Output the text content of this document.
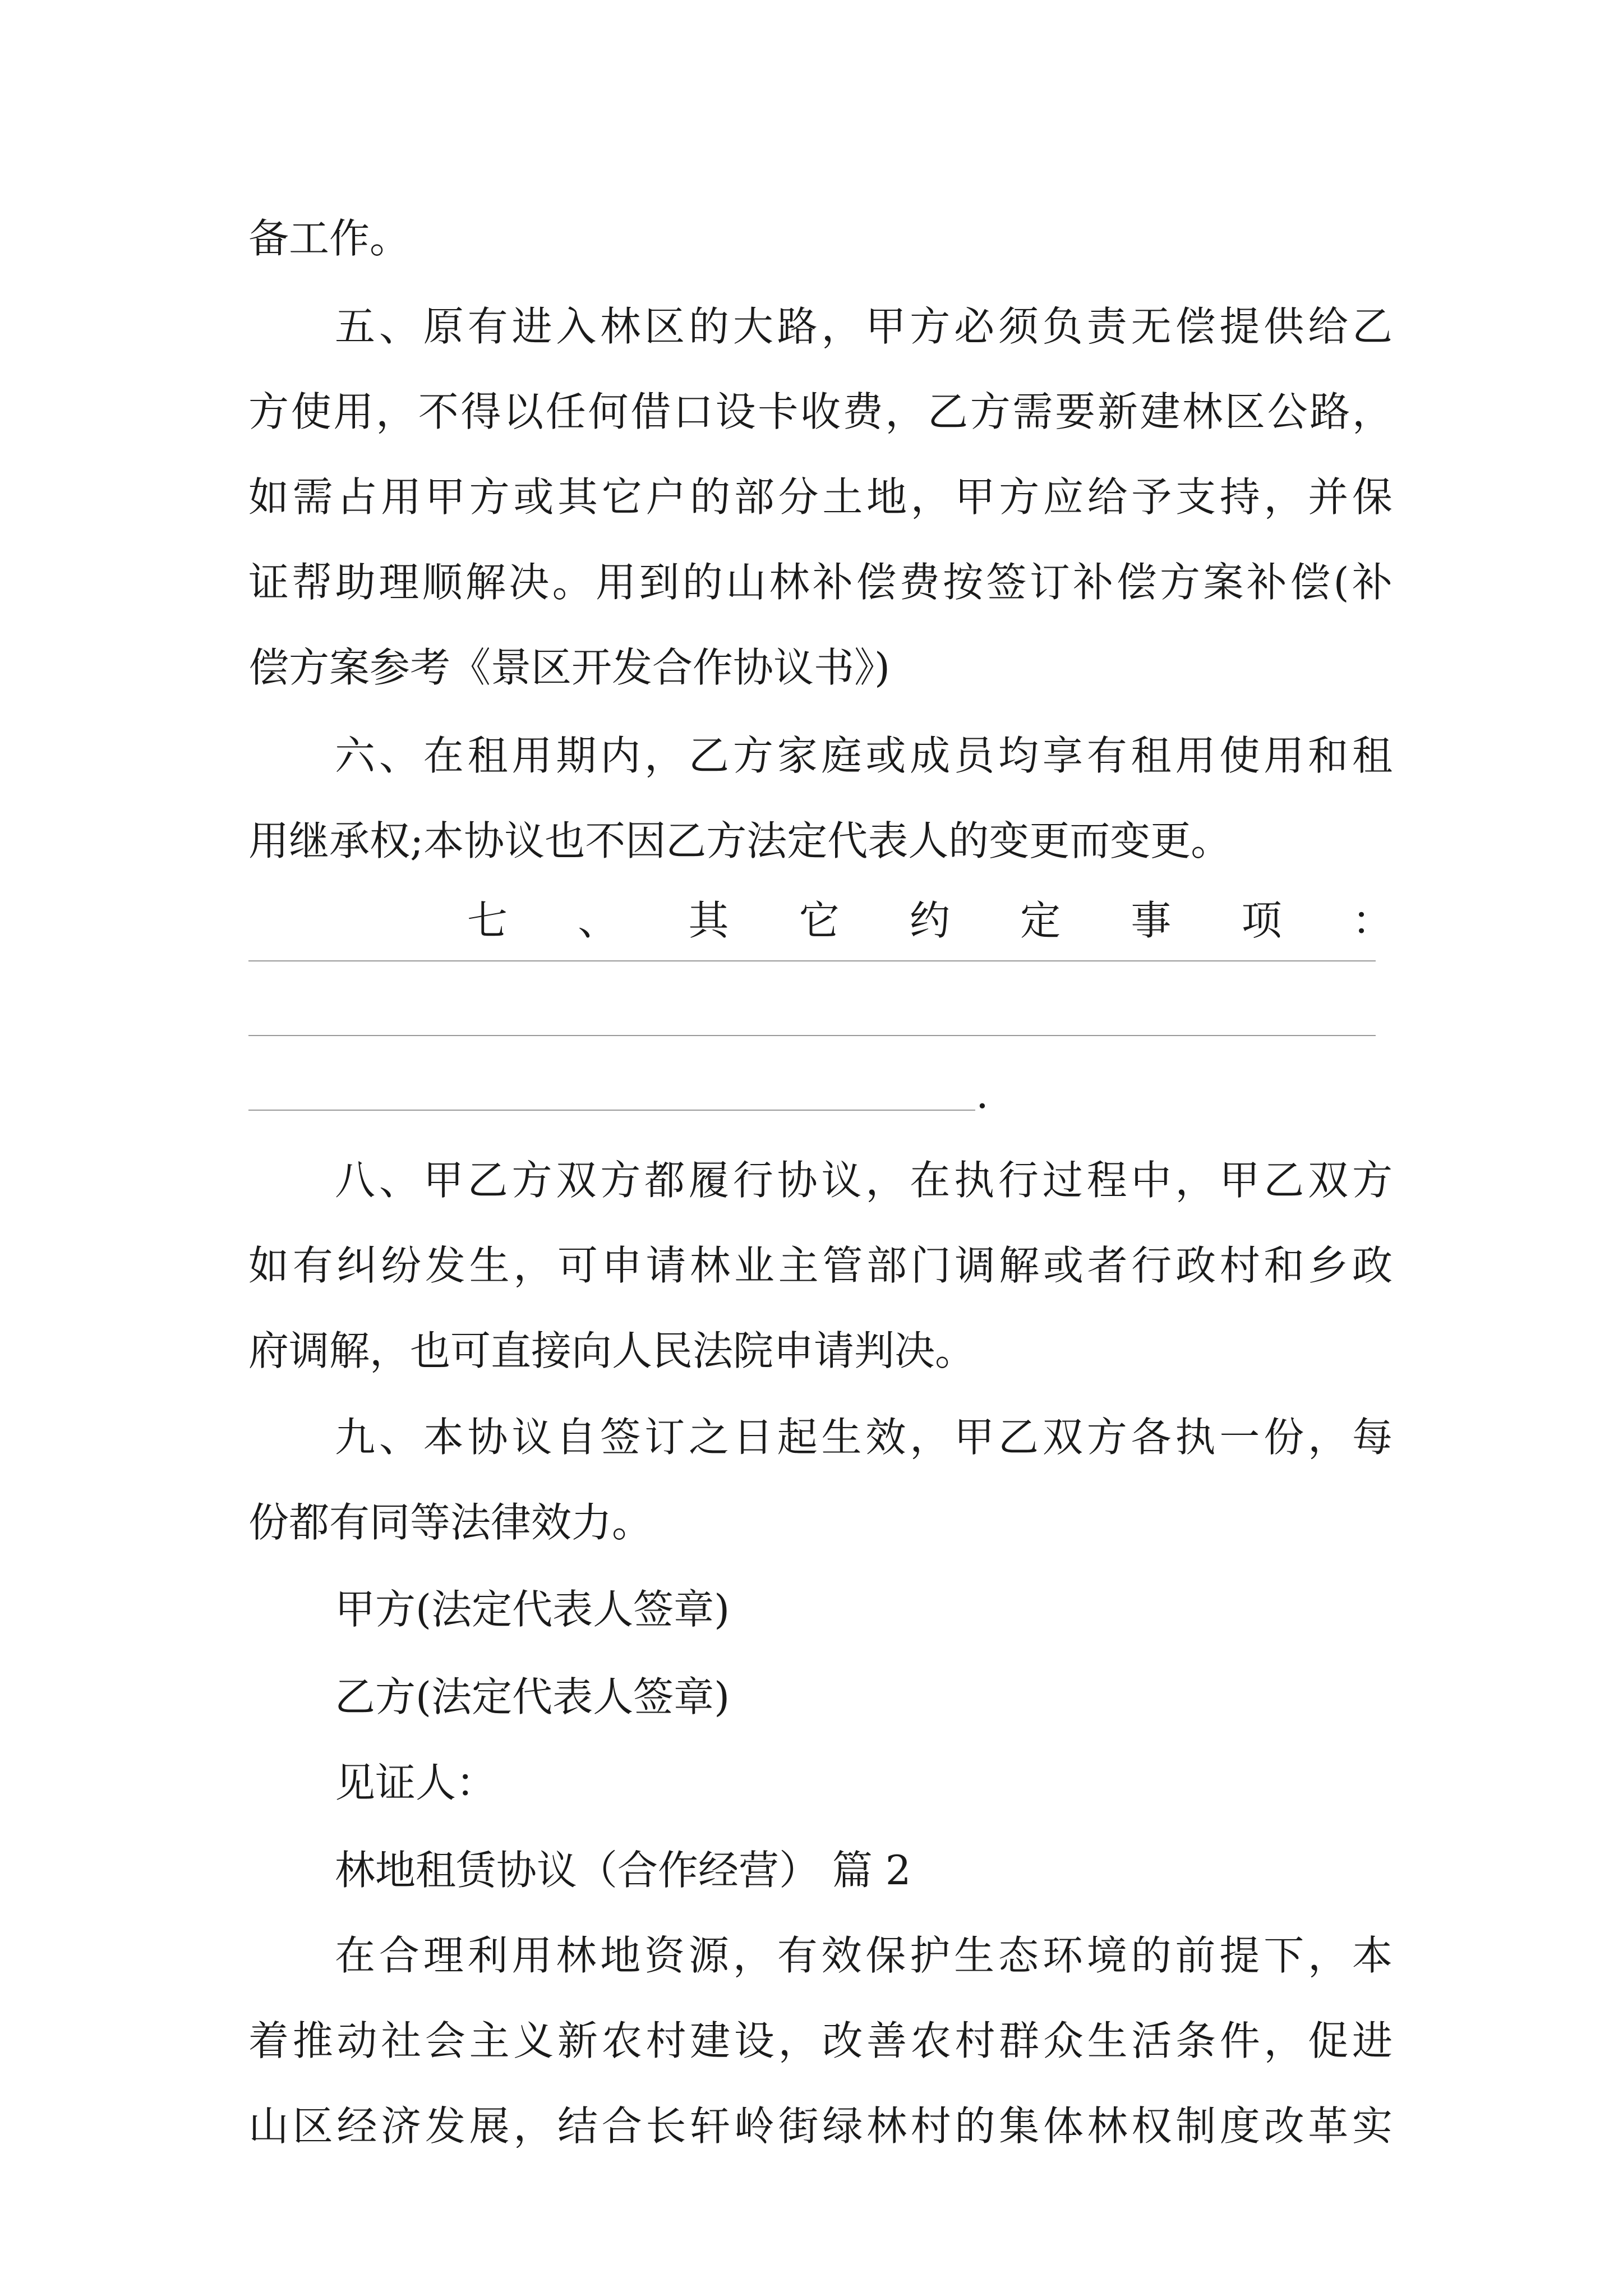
备工作。
五、原有进入林区的大路，甲方必须负责无偿提供给乙
方使用，不得以任何借口设卡收费，乙方需要新建林区公路，
如需占用甲方或其它户的部分土地，甲方应给予支持，并保
证帮助理顺解决。用到的山林补偿费按签订补偿方案补偿(补
偿方案参考《景区开发合作协议书》)
六、在租用期内，乙方家庭或成员均享有租用使用和租
用继承权;本协议也不因乙方法定代表人的变更而变更。
七 、 其 它 约 定 事 项 ：
.
八、甲乙方双方都履行协议，在执行过程中，甲乙双方
如有纠纷发生，可申请林业主管部门调解或者行政村和乡政
府调解，也可直接向人民法院申请判决。
九、本协议自签订之日起生效，甲乙双方各执一份，每
份都有同等法律效力。
甲方(法定代表人签章)
乙方(法定代表人签章)
见证人：
林地租赁协议（合作经营） 篇 2
在合理利用林地资源，有效保护生态环境的前提下，本
着推动社会主义新农村建设，改善农村群众生活条件，促进
山区经济发展，结合长轩岭街绿林村的集体林权制度改革实
